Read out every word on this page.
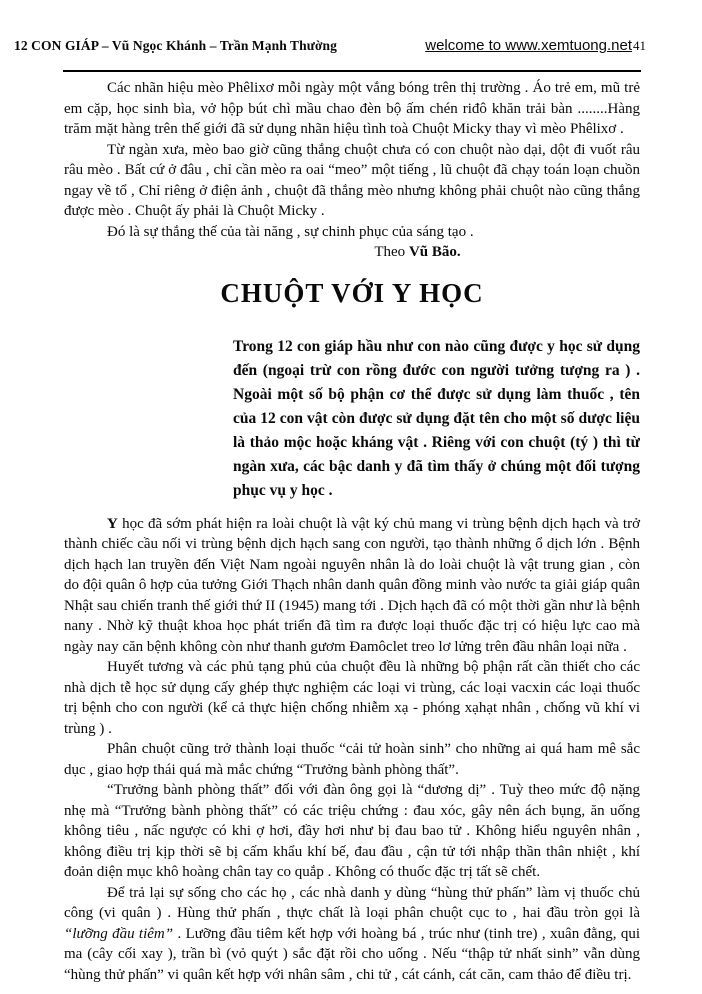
12 CON GIÁP – Vũ Ngọc Khánh – Trần Mạnh Thường	welcome to www.xemtuong.net 41

Các nhãn hiệu mèo Phêlixơ mỗi ngày một vắng bóng trên thị trường . Áo trẻ em, mũ trẻ em cặp, học sinh bìa, vở hộp bút chì mầu chao đèn bộ ấm chén riđô khăn trải bàn ........Hàng trăm mặt hàng trên thế giới đã sử dụng nhãn hiệu tình toà Chuột Micky thay vì mèo Phêlixơ .

Từ ngàn xưa, mèo bao giờ cũng thắng chuột chưa có con chuột nào dại, dột đi vuốt râu râu mèo . Bất cứ ở đâu , chỉ cần mèo ra oai “meo” một tiếng , lũ chuột đã chạy toán loạn chuồn ngay về tổ , Chỉ riêng ở điện ảnh , chuột đã thắng mèo nhưng không phải chuột nào cũng thắng được mèo . Chuột ấy phải là Chuột Micky .

Đó là sự thắng thế của tài năng , sự chinh phục của sáng tạo .

Theo Vũ Bão.

CHUỘT VỚI Y HỌC

Trong 12 con giáp hầu như con nào cũng được y học sử dụng đến (ngoại trừ con rồng đước con người tưởng tượng ra ) . Ngoài một số bộ phận cơ thể được sử dụng làm thuốc , tên của 12 con vật còn được sử dụng đặt tên cho một số dược liệu là thảo mộc hoặc kháng vật . Riêng với con chuột (tý ) thì từ ngàn xưa, các bậc danh y đã tìm thấy ở chúng một đối tượng phục vụ y học .

Y học đã sớm phát hiện ra loài chuột là vật ký chủ mang vi trùng bệnh dịch hạch và trở thành chiếc cầu nối vi trùng bệnh dịch hạch sang con người, tạo thành những ổ dịch lớn . Bệnh dịch hạch lan truyền đến Việt Nam ngoài nguyên nhân là do loài chuột là vật trung gian , còn do đội quân ô hợp của tưởng Giới Thạch nhân danh quân đồng minh vào nước ta giải giáp quân Nhật sau chiến tranh thế giới thứ II (1945) mang tới . Dịch hạch đã có một thời gần như là bệnh nany . Nhờ kỹ thuật khoa học phát triển đã tìm ra được loại thuốc đặc trị có hiệu lực cao mà ngày nay căn bệnh không còn như thanh gươm Đamôclet treo lơ lửng trên đầu nhân loại nữa .

Huyết tương và các phủ tạng phủ của chuột đều là những bộ phận rất cần thiết cho các nhà dịch tễ học sử dụng cấy ghép thực nghiệm các loại vi trùng, các loại vacxin các loại thuốc trị bệnh cho con người (kể cả thực hiện chống nhiễm xạ - phóng xạhạt nhân , chống vũ khí vi trùng ) .

Phân chuột cũng trở thành loại thuốc “cải tử hoàn sinh” cho những ai quá ham mê sắc dục , giao hợp thái quá mà mắc chứng “Trưởng bành phòng thất”.

“Trưởng bành phòng thất” đối với đàn ông gọi là “dương dị” . Tuỳ theo mức độ nặng nhẹ mà “Trưởng bành phòng thất” có các triệu chứng : đau xóc, gây nên ách bụng, ăn uống không tiêu , nấc ngược có khi ợ hơi, đầy hơi như bị đau bao tử . Không hiểu nguyên nhân , không điều trị kịp thời sẽ bị cấm khẩu khí bế, đau đầu , cận tử tới nhập thần thân nhiệt , khí đoản diện mục khô hoàng chân tay co quắp . Không có thuốc đặc trị tất sẽ chết.

Để trả lại sự sống cho các họ , các nhà danh y dùng “hùng thử phấn” làm vị thuốc chủ công (vi quân ) . Hùng thử phấn , thực chất là loại phân chuột cục to , hai đầu tròn gọi là “lưỡng đầu tiêm” . Lưỡng đầu tiêm kết hợp với hoàng bá , trúc như (tinh tre) , xuân đằng, qui ma (cây cối xay ), trần bì (vỏ quýt ) sắc đặt rồi cho uống . Nếu “thập tử nhất sinh” vẫn dùng “hùng thử phấn” vi quân kết hợp với nhân sâm , chi tử , cát cánh, cát căn, cam thảo để điều trị.
